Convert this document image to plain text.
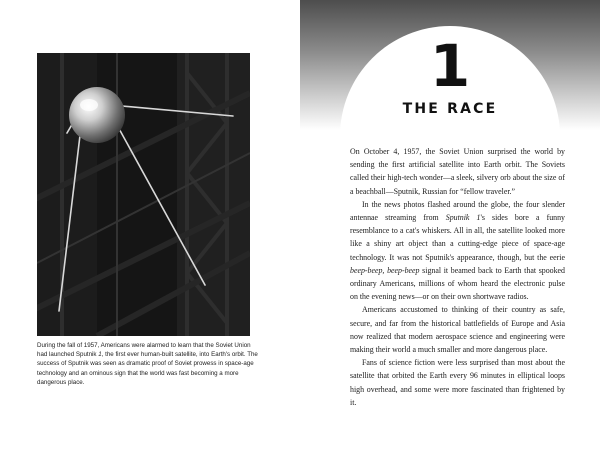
During the fall of 1957, Americans were alarmed to learn that the Soviet Union had launched Sputnik 1, the first ever human-built satellite, into Earth's orbit. The success of Sputnik was seen as dramatic proof of Soviet prowess in space-age technology and an ominous sign that the world was fast becoming a more dangerous place.

1
THE RACE

On October 4, 1957, the Soviet Union surprised the world by sending the first artificial satellite into Earth orbit. The Soviets called their high-tech wonder—a sleek, silvery orb about the size of a beachball—Sputnik, Russian for “fellow traveler.”

In the news photos flashed around the globe, the four slender antennae streaming from Sputnik 1's sides bore a funny resemblance to a cat's whiskers. All in all, the satellite looked more like a shiny art object than a cutting-edge piece of space-age technology. It was not Sputnik's appearance, though, but the eerie beep-beep, beep-beep signal it beamed back to Earth that spooked ordinary Americans, millions of whom heard the electronic pulse on the evening news—or on their own shortwave radios.

Americans accustomed to thinking of their country as safe, secure, and far from the historical battlefields of Europe and Asia now realized that modern aerospace science and engineering were making their world a much smaller and more dangerous place.

Fans of science fiction were less surprised than most about the satellite that orbited the Earth every 96 minutes in elliptical loops high overhead, and some were more fascinated than frightened by it.
